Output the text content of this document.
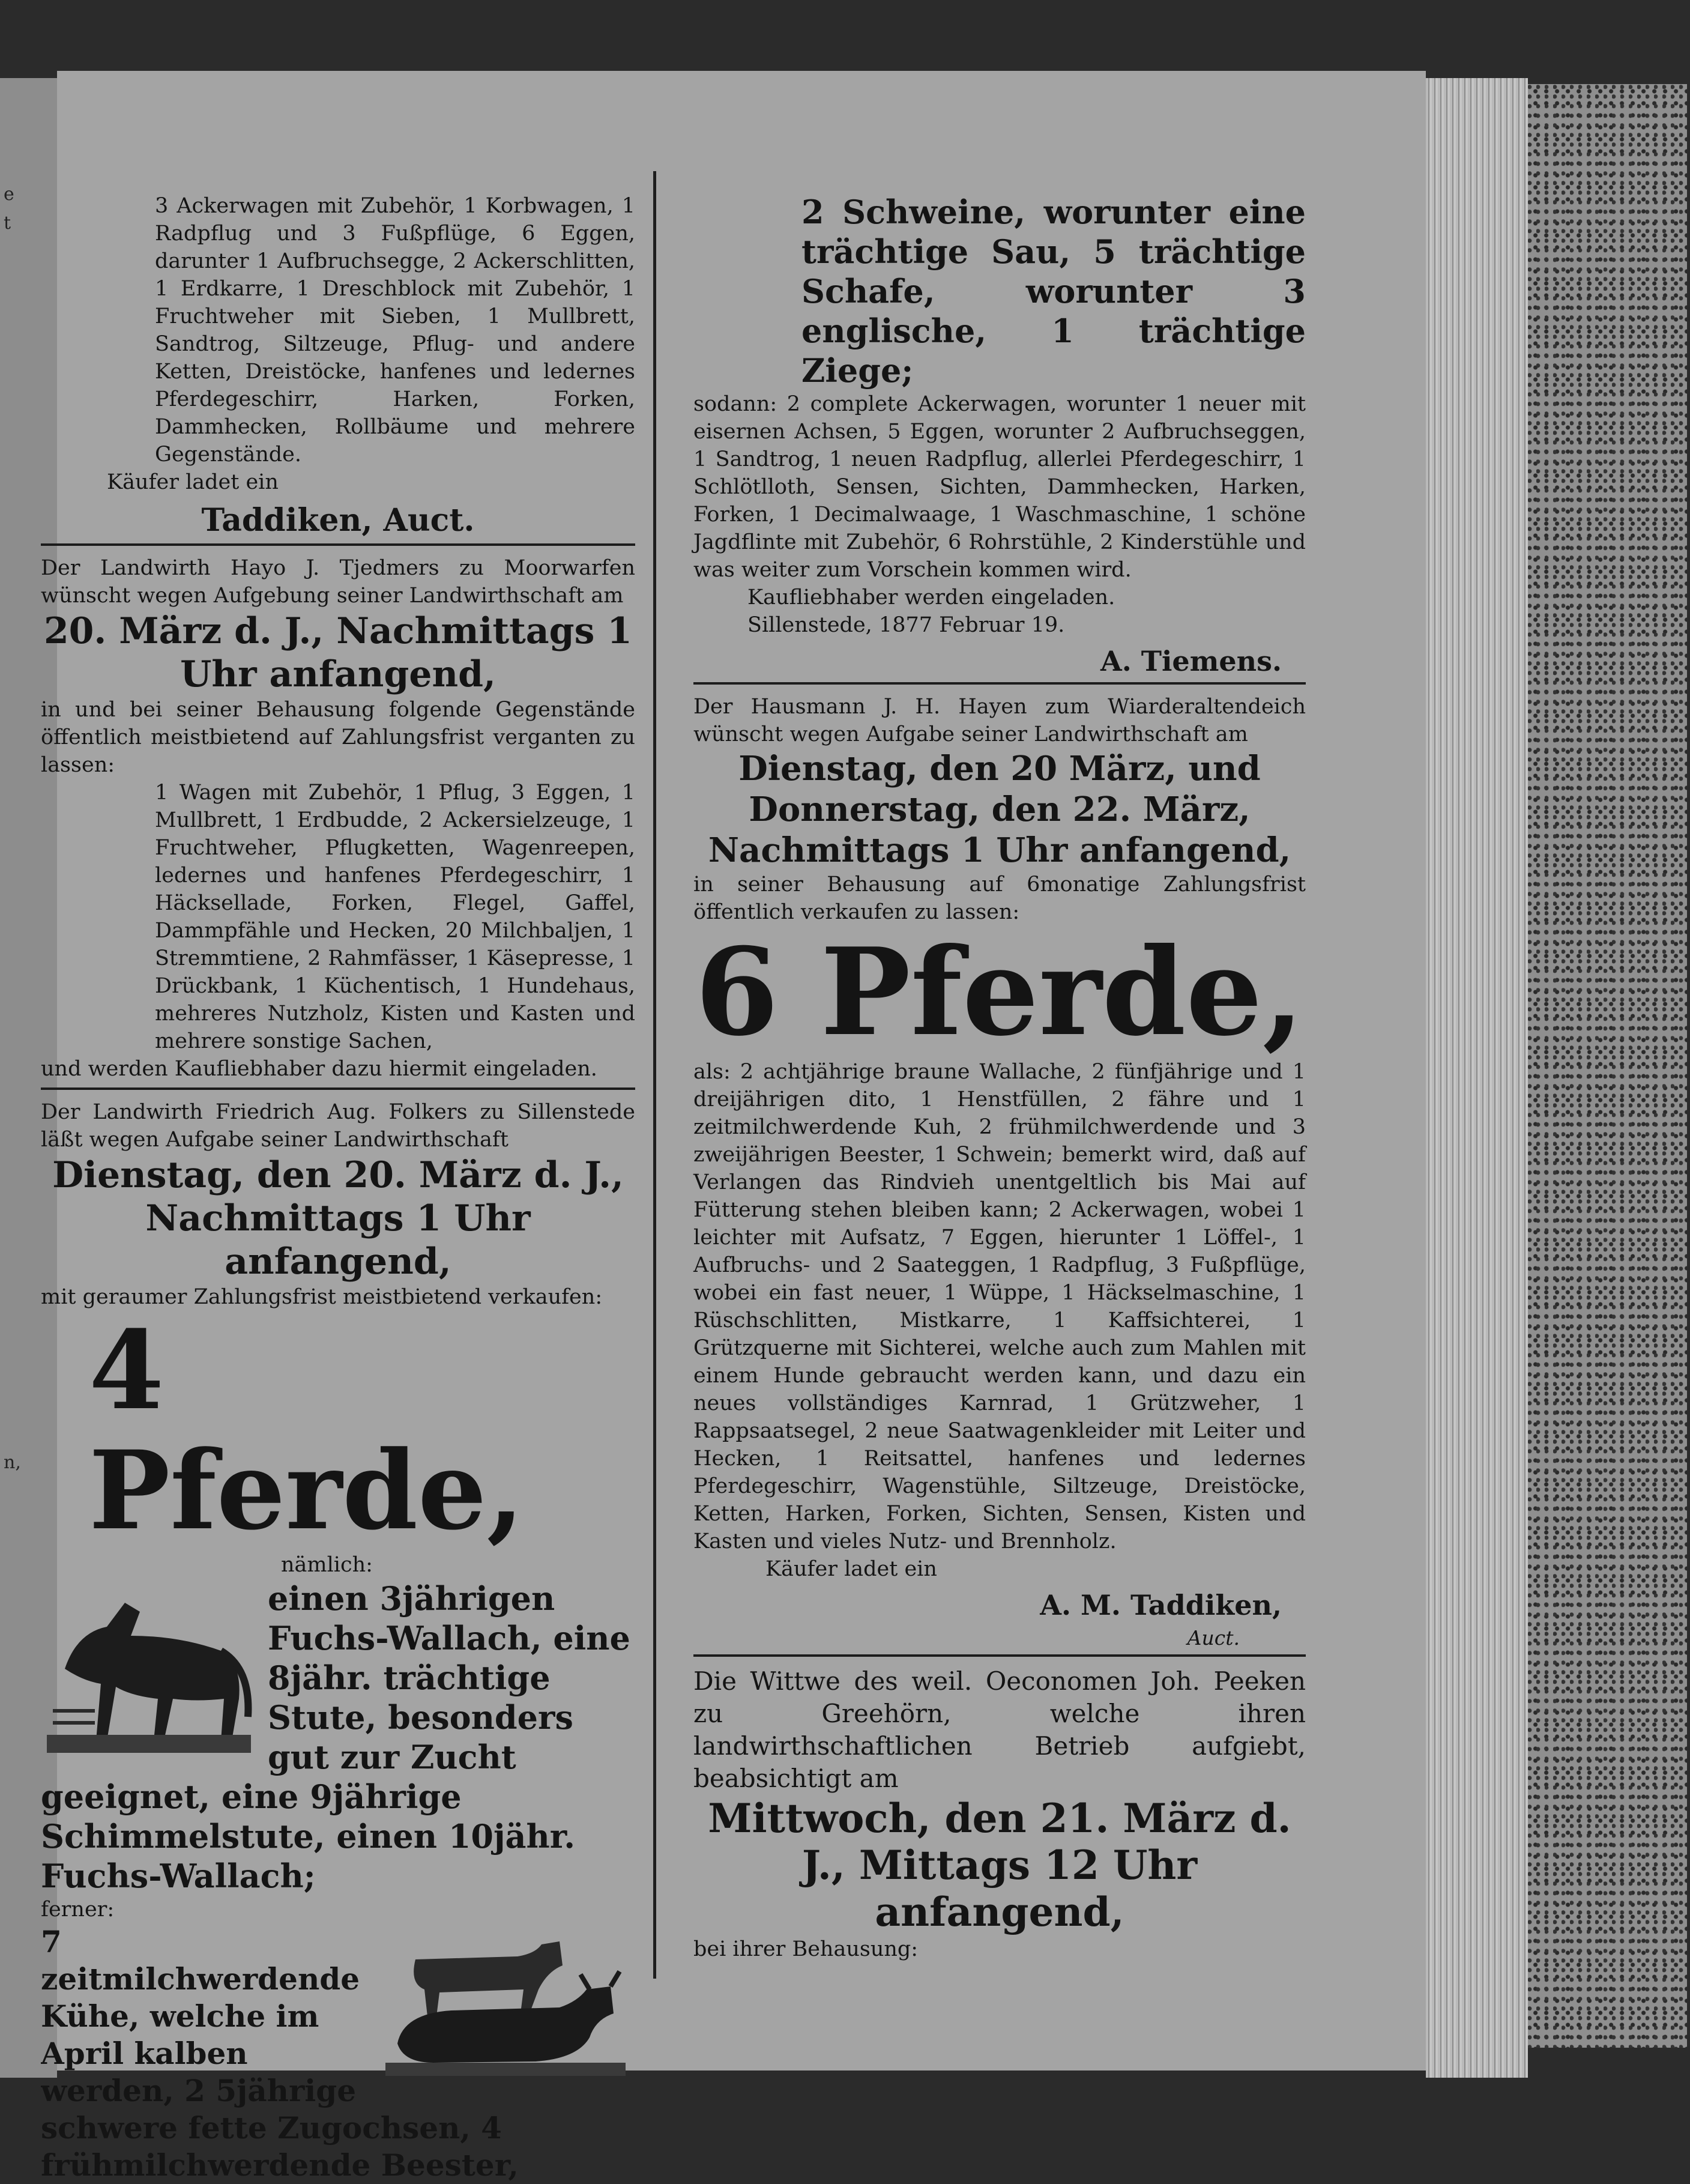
e
t

n,

3 Ackerwagen mit Zubehör, 1 Korbwagen, 1 Radpflug und 3 Fußpflüge, 6 Eggen, darunter 1 Aufbruchsegge, 2 Ackerschlitten, 1 Erdkarre, 1 Dreschblock mit Zubehör, 1 Fruchtweher mit Sieben, 1 Mullbrett, Sandtrog, Siltzeuge, Pflug- und andere Ketten, Dreistöcke, hanfenes und ledernes Pferdegeschirr, Harken, Forken, Dammhecken, Rollbäume und mehrere Gegenstände.

Käufer ladet ein

Taddiken, Auct.

Der Landwirth Hayo J. Tjedmers zu Moorwarfen wünscht wegen Aufgebung seiner Landwirthschaft am

20. März d. J., Nachmittags 1 Uhr anfangend,

in und bei seiner Behausung folgende Gegenstände öffentlich meistbietend auf Zahlungsfrist verganten zu lassen:

1 Wagen mit Zubehör, 1 Pflug, 3 Eggen, 1 Mullbrett, 1 Erdbudde, 2 Ackersielzeuge, 1 Fruchtweher, Pflugketten, Wagenreepen, ledernes und hanfenes Pferdegeschirr, 1 Häcksellade, Forken, Flegel, Gaffel, Dammpfähle und Hecken, 20 Milchbaljen, 1 Stremmtiene, 2 Rahmfässer, 1 Käsepresse, 1 Drückbank, 1 Küchentisch, 1 Hundehaus, mehreres Nutzholz, Kisten und Kasten und mehrere sonstige Sachen,

und werden Kaufliebhaber dazu hiermit eingeladen.

Der Landwirth Friedrich Aug. Folkers zu Sillenstede läßt wegen Aufgabe seiner Landwirthschaft

Dienstag, den 20. März d. J., Nachmittags 1 Uhr anfangend,

mit geraumer Zahlungsfrist meistbietend verkaufen:

4 Pferde,

nämlich:

einen 3jährigen Fuchs-Wallach, eine 8jähr. trächtige Stute, besonders gut zur Zucht geeignet, eine 9jährige Schimmelstute, einen 10jähr. Fuchs-Wallach;

ferner:

7 zeitmilchwerdende Kühe, welche im April kalben werden, 2 5jährige schwere fette Zugochsen, 4 frühmilchwerdende Beester,

2 Schweine, worunter eine trächtige Sau, 5 trächtige Schafe, worunter 3 englische, 1 trächtige Ziege;

sodann: 2 complete Ackerwagen, worunter 1 neuer mit eisernen Achsen, 5 Eggen, worunter 2 Aufbruchseggen, 1 Sandtrog, 1 neuen Radpflug, allerlei Pferdegeschirr, 1 Schlötlloth, Sensen, Sichten, Dammhecken, Harken, Forken, 1 Decimalwaage, 1 Waschmaschine, 1 schöne Jagdflinte mit Zubehör, 6 Rohrstühle, 2 Kinderstühle und was weiter zum Vorschein kommen wird.

Kaufliebhaber werden eingeladen.

Sillenstede, 1877 Februar 19.

A. Tiemens.

Der Hausmann J. H. Hayen zum Wiarderaltendeich wünscht wegen Aufgabe seiner Landwirthschaft am

Dienstag, den 20 März, und Donnerstag, den 22. März, Nachmittags 1 Uhr anfangend,

in seiner Behausung auf 6monatige Zahlungsfrist öffentlich verkaufen zu lassen:

6 Pferde,

als: 2 achtjährige braune Wallache, 2 fünfjährige und 1 dreijährigen dito, 1 Henstfüllen, 2 fähre und 1 zeitmilchwerdende Kuh, 2 frühmilchwerdende und 3 zweijährigen Beester, 1 Schwein; bemerkt wird, daß auf Verlangen das Rindvieh unentgeltlich bis Mai auf Fütterung stehen bleiben kann; 2 Ackerwagen, wobei 1 leichter mit Aufsatz, 7 Eggen, hierunter 1 Löffel-, 1 Aufbruchs- und 2 Saateggen, 1 Radpflug, 3 Fußpflüge, wobei ein fast neuer, 1 Wüppe, 1 Häckselmaschine, 1 Rüschschlitten, Mistkarre, 1 Kaffsichterei, 1 Grützquerne mit Sichterei, welche auch zum Mahlen mit einem Hunde gebraucht werden kann, und dazu ein neues vollständiges Karnrad, 1 Grützweher, 1 Rappsaatsegel, 2 neue Saatwagenkleider mit Leiter und Hecken, 1 Reitsattel, hanfenes und ledernes Pferdegeschirr, Wagenstühle, Siltzeuge, Dreistöcke, Ketten, Harken, Forken, Sichten, Sensen, Kisten und Kasten und vieles Nutz- und Brennholz.

Käufer ladet ein

A. M. Taddiken,

Auct.

Die Wittwe des weil. Oeconomen Joh. Peeken zu Greehörn, welche ihren landwirthschaftlichen Betrieb aufgiebt, beabsichtigt am

Mittwoch, den 21. März d. J., Mittags 12 Uhr anfangend,

bei ihrer Behausung:
